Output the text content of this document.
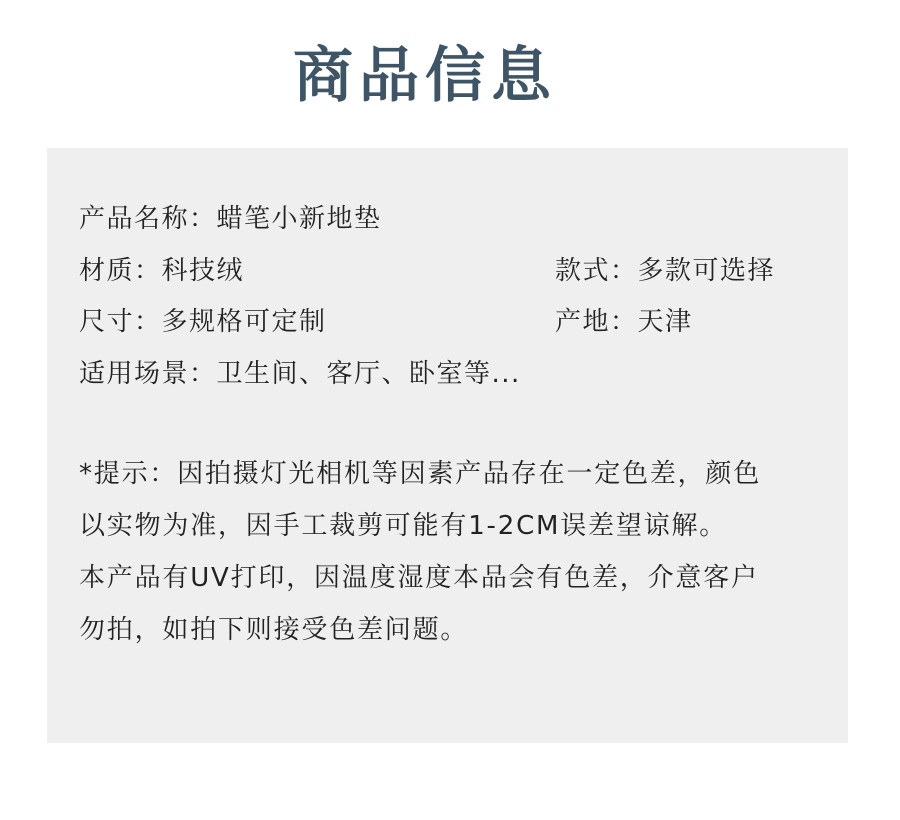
商品信息
产品名称：蜡笔小新地垫
材质：科技绒	款式：多款可选择
尺寸：多规格可定制	产地：天津
适用场景：卫生间、客厅、卧室等...
*提示：因拍摄灯光相机等因素产品存在一定色差，颜色
以实物为准，因手工裁剪可能有1-2CM误差望谅解。
本产品有UV打印，因温度湿度本品会有色差，介意客户
勿拍，如拍下则接受色差问题。
